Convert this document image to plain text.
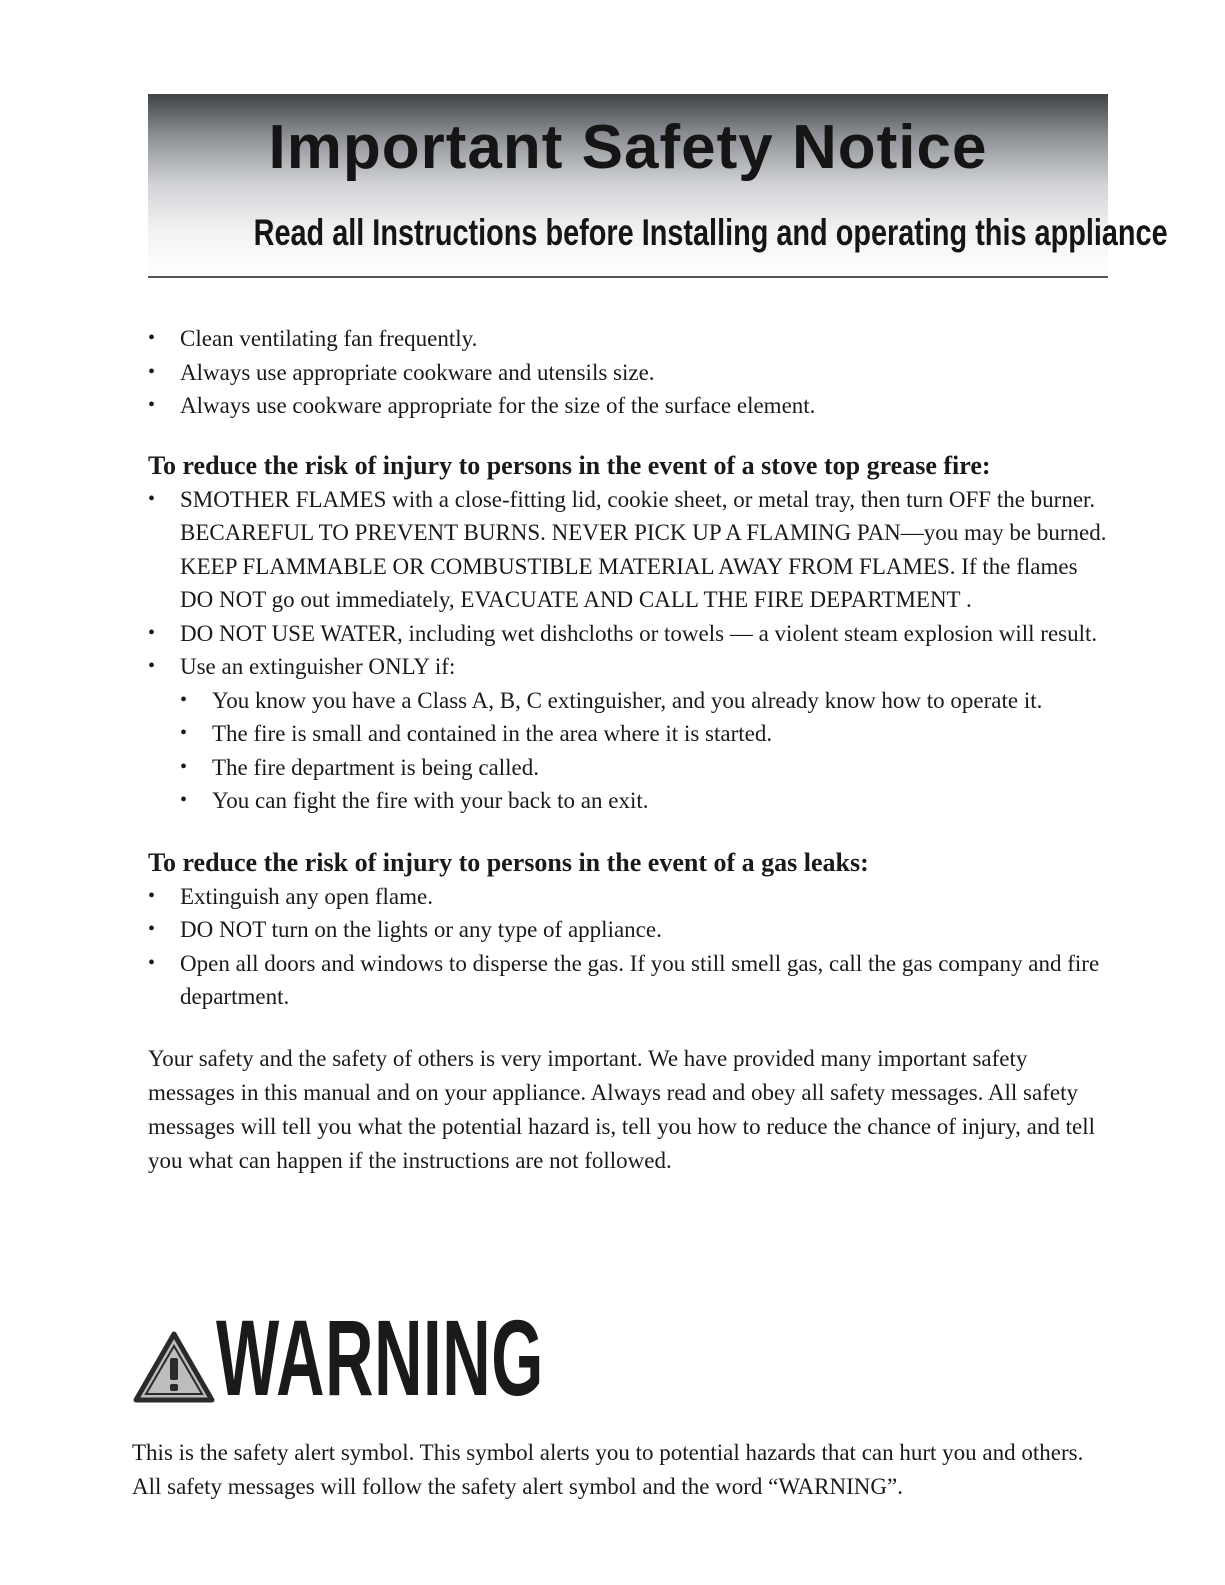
Important Safety Notice
Read all Instructions before Installing and operating this appliance
• Clean ventilating fan frequently.
• Always use appropriate cookware and utensils size.
• Always use cookware appropriate for the size of the surface element.

To reduce the risk of injury to persons in the event of a stove top grease fire:

• SMOTHER FLAMES with a close-fitting lid, cookie sheet, or metal tray, then turn OFF the burner. BECAREFUL TO PREVENT BURNS. NEVER PICK UP A FLAMING PAN—you may be burned. KEEP FLAMMABLE OR COMBUSTIBLE MATERIAL AWAY FROM FLAMES. If the flames DO NOT go out immediately, EVACUATE AND CALL THE FIRE DEPARTMENT .
• DO NOT USE WATER, including wet dishcloths or towels — a violent steam explosion will result.
• Use an extinguisher ONLY if:
• You know you have a Class A, B, C extinguisher, and you already know how to operate it.
• The fire is small and contained in the area where it is started.
• The fire department is being called.
• You can fight the fire with your back to an exit.

To reduce the risk of injury to persons in the event of a gas leaks:

• Extinguish any open flame.
• DO NOT turn on the lights or any type of appliance.
• Open all doors and windows to disperse the gas. If you still smell gas, call the gas company and fire department.

Your safety and the safety of others is very important. We have provided many important safety messages in this manual and on your appliance. Always read and obey all safety messages. All safety messages will tell you what the potential hazard is, tell you how to reduce the chance of injury, and tell you what can happen if the instructions are not followed.

WARNING

This is the safety alert symbol. This symbol alerts you to potential hazards that can hurt you and others.

All safety messages will follow the safety alert symbol and the word “WARNING”.
